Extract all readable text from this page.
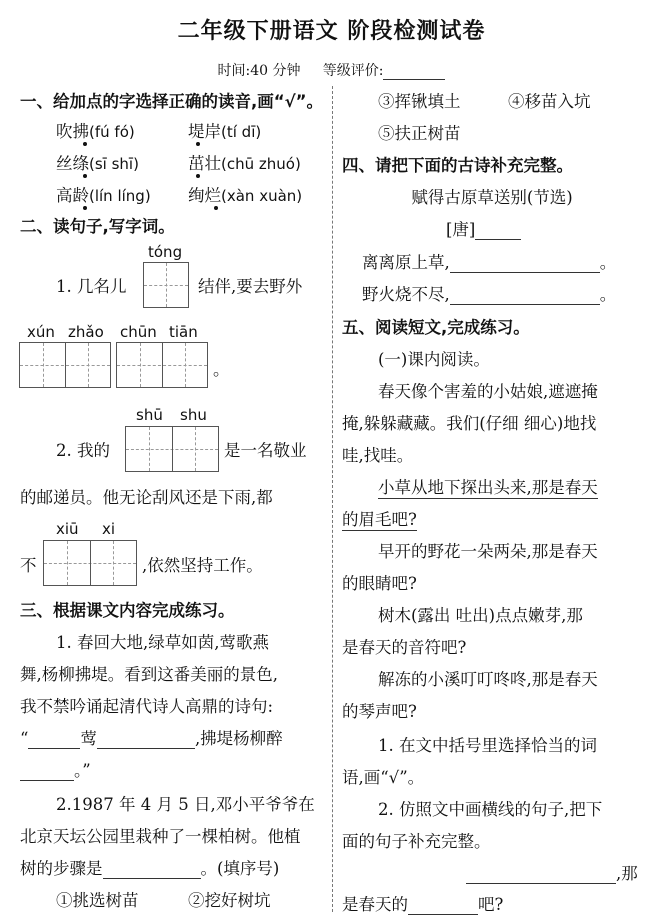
二年级下册语文 阶段检测试卷
时间:40 分钟 等级评价:
一、给加点的字选择正确的读音,画“√”。
吹拂(fú fó)	堤岸(tí dī)
丝绦(sī shī)	茁壮(chū zhuó)
高龄(lín líng) 绚烂(xàn xuàn)
二、读句子,写字词。
tóng
1. 几名儿	结伴,要去野外
xún zhǎo chūn tiān
。
shū shu
2. 我的	是一名敬业
的邮递员。他无论刮风还是下雨,都
xiū xi
不	,依然坚持工作。
三、根据课文内容完成练习。
1. 春回大地,绿草如茵,莺歌燕
舞,杨柳拂堤。看到这番美丽的景色,
我不禁吟诵起清代诗人高鼎的诗句:
“	莺	,拂堤杨柳醉
。”
2.1987 年 4 月 5 日,邓小平爷爷在
北京天坛公园里栽种了一棵柏树。他植
树的步骤是	。(填序号)
①挑选树苗	②挖好树坑
③挥锹填土	④移苗入坑
⑤扶正树苗
四、请把下面的古诗补充完整。
赋得古原草送别(节选)
[唐]
离离原上草,	。
野火烧不尽,	。
五、阅读短文,完成练习。
(一)课内阅读。
春天像个害羞的小姑娘,遮遮掩
掩,躲躲藏藏。我们(仔细 细心)地找
哇,找哇。
小草从地下探出头来,那是春天
的眉毛吧?
早开的野花一朵两朵,那是春天
的眼睛吧?
树木(露出 吐出)点点嫩芽,那
是春天的音符吧?
解冻的小溪叮叮咚咚,那是春天
的琴声吧?
1. 在文中括号里选择恰当的词
语,画“√”。
2. 仿照文中画横线的句子,把下
面的句子补充完整。
,那
是春天的	吧?
